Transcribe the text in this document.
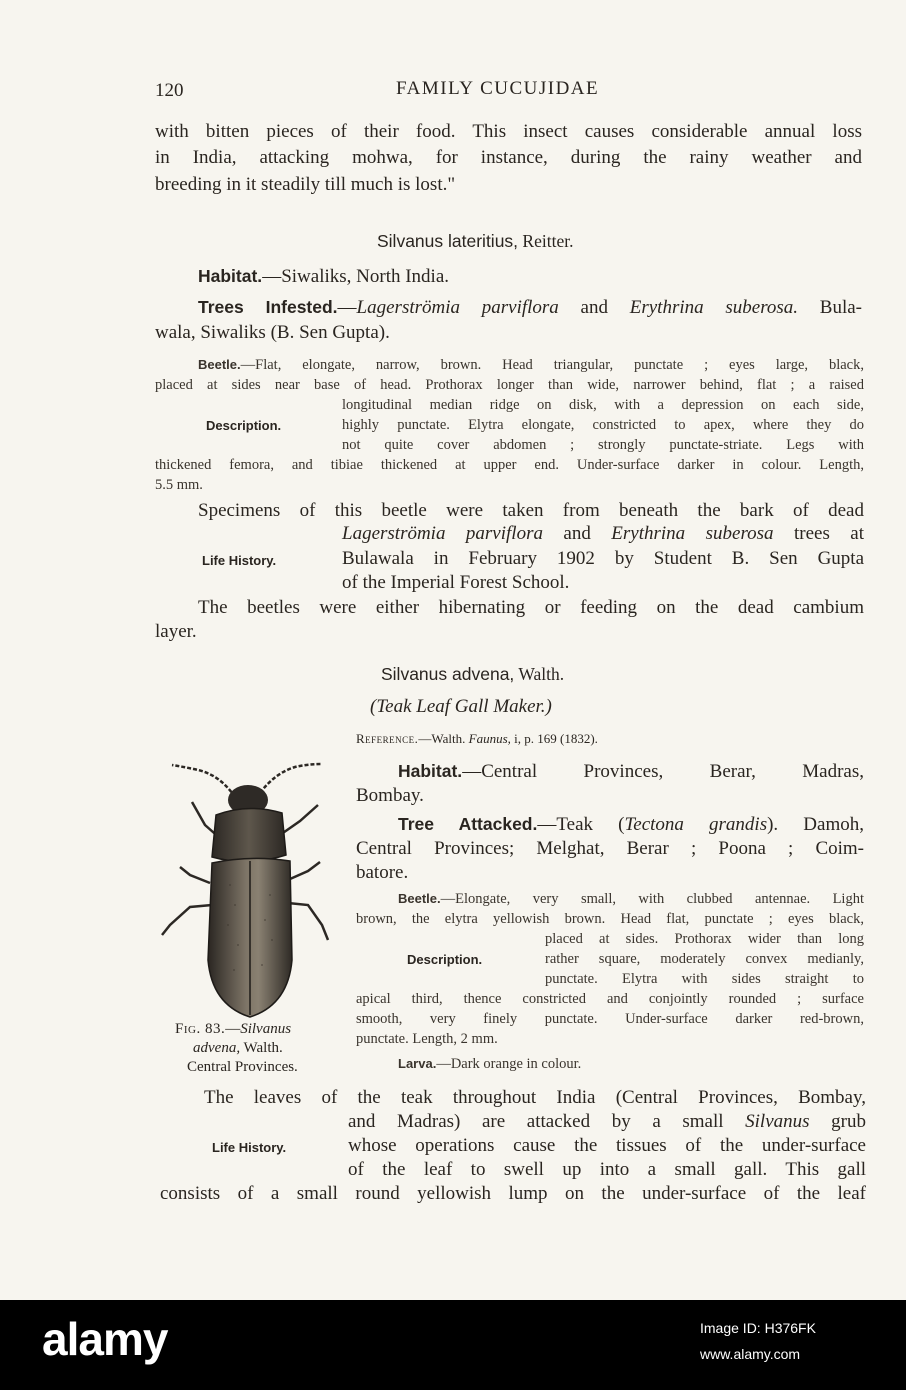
120	FAMILY CUCUJIDAE
with bitten pieces of their food. This insect causes considerable annual loss
in India, attacking mohwa, for instance, during the rainy weather and
breeding in it steadily till much is lost."
Silvanus lateritius, Reitter.
Habitat.—Siwaliks, North India.
Trees Infested.—Lagerströmia parviflora and Erythrina suberosa. Bula-
wala, Siwaliks (B. Sen Gupta).
Beetle.—Flat, elongate, narrow, brown. Head triangular, punctate ; eyes large, black,
placed at sides near base of head. Prothorax longer than wide, narrower behind, flat ; a raised
longitudinal median ridge on disk, with a depression on each side,
Description.	highly punctate. Elytra elongate, constricted to apex, where they do
not quite cover abdomen ; strongly punctate-striate. Legs with
thickened femora, and tibiae thickened at upper end. Under-surface darker in colour. Length,
5.5 mm.
Specimens of this beetle were taken from beneath the bark of dead
Lagerströmia parviflora and Erythrina suberosa trees at
Life History.	Bulawala in February 1902 by Student B. Sen Gupta
of the Imperial Forest School.
The beetles were either hibernating or feeding on the dead cambium
layer.
Silvanus advena, Walth.
(Teak Leaf Gall Maker.)
Reference.—Walth. Faunus, i, p. 169 (1832).
Fig. 83.—Silvanus
advena, Walth.
Central Provinces.
Habitat.—Central Provinces, Berar, Madras,
Bombay.
Tree Attacked.—Teak (Tectona grandis). Damoh,
Central Provinces; Melghat, Berar ; Poona ; Coim-
batore.
Beetle.—Elongate, very small, with clubbed antennae. Light
brown, the elytra yellowish brown. Head flat, punctate ; eyes black,
placed at sides. Prothorax wider than long
Description.	rather square, moderately convex medianly,
punctate. Elytra with sides straight to
apical third, thence constricted and conjointly rounded ; surface
smooth, very finely punctate. Under-surface darker red-brown,
punctate. Length, 2 mm.
Larva.—Dark orange in colour.
The leaves of the teak throughout India (Central Provinces, Bombay,
and Madras) are attacked by a small Silvanus grub
Life History.	whose operations cause the tissues of the under-surface
of the leaf to swell up into a small gall. This gall
consists of a small round yellowish lump on the under-surface of the leaf
alamy	Image ID: H376FK
www.alamy.com
